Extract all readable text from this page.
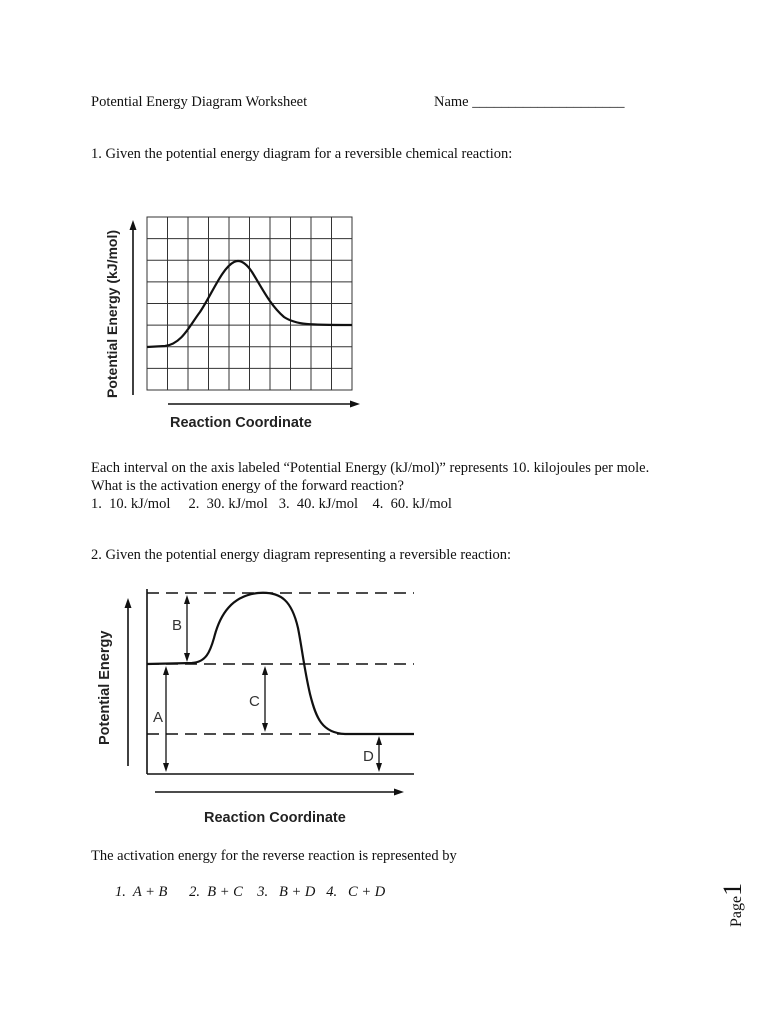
Potential Energy Diagram Worksheet	Name _____________________
1. Given the potential energy diagram for a reversible chemical reaction:
Potential Energy (kJ/mol)
Reaction Coordinate
Each interval on the axis labeled “Potential Energy (kJ/mol)” represents 10. kilojoules per mole.
What is the activation energy of the forward reaction?
1.  10. kJ/mol     2.  30. kJ/mol   3.  40. kJ/mol    4.  60. kJ/mol
2. Given the potential energy diagram representing a reversible reaction:
B
A
C
D
Potential Energy
Reaction Coordinate
The activation energy for the reverse reaction is represented by
1.  A + B      2.  B + C    3.   B + D   4.   C + D
Page1
